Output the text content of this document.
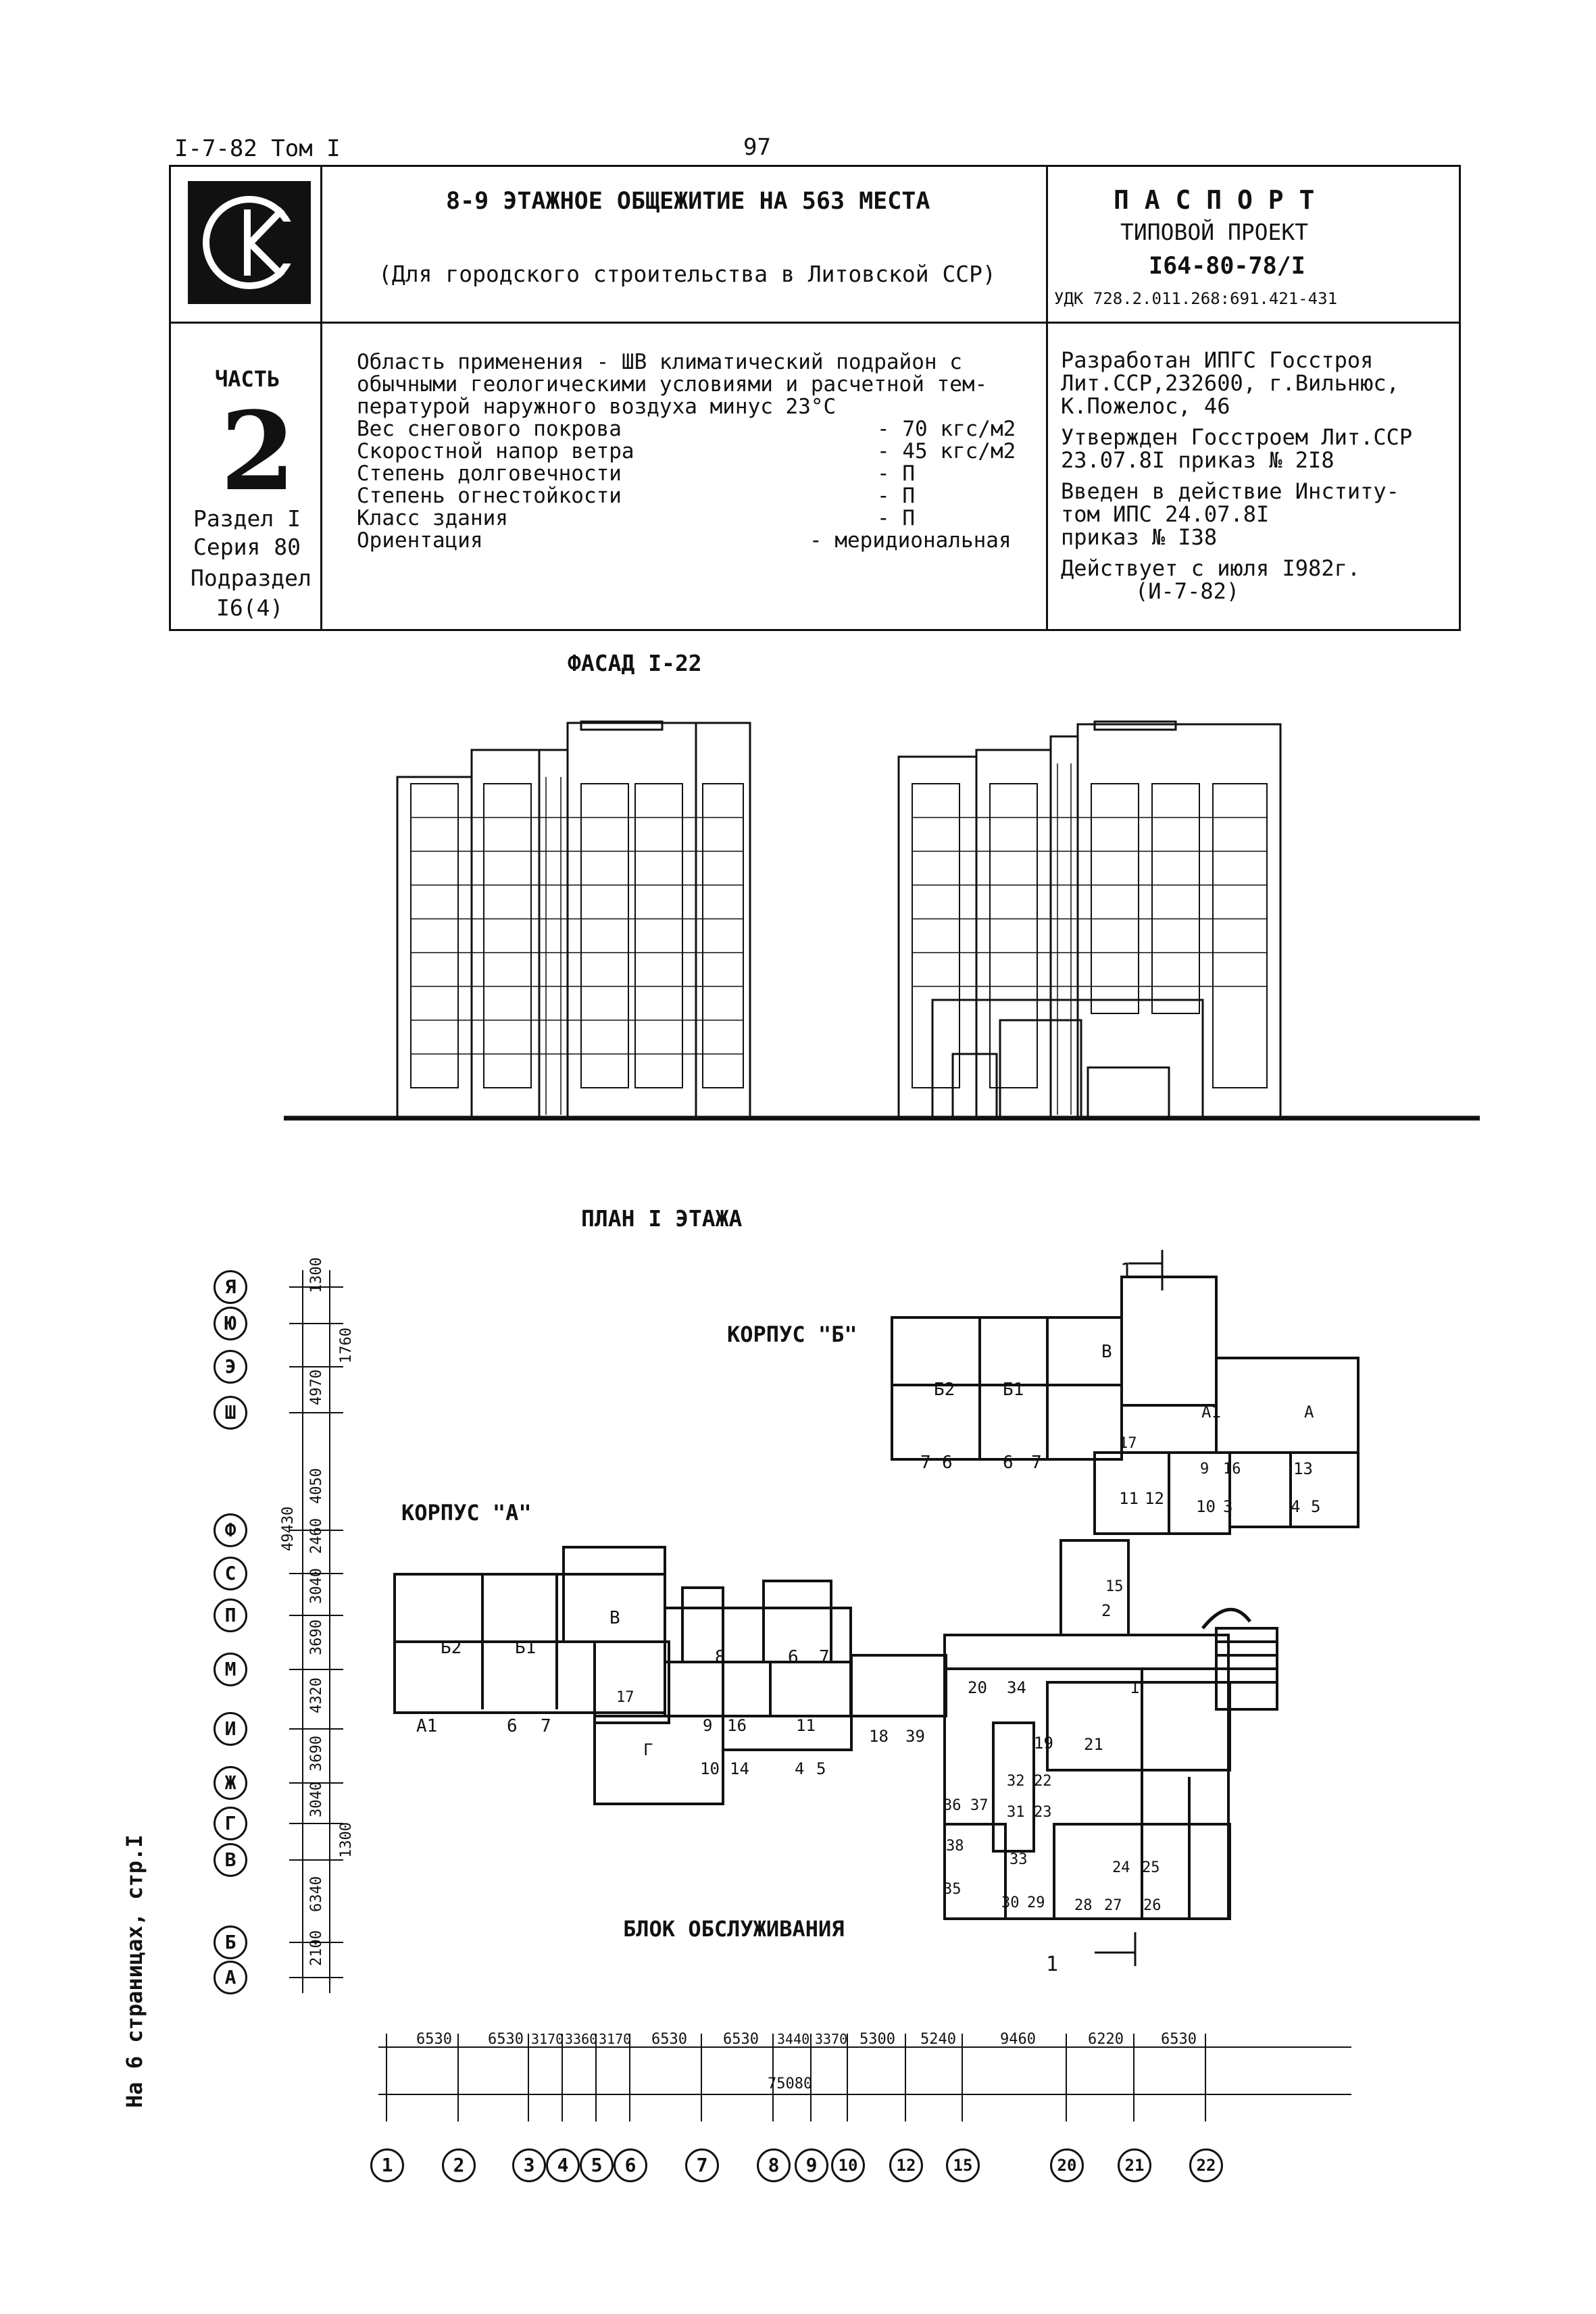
I-7-82 Том I	97
8-9 ЭТАЖНОЕ ОБЩЕЖИТИЕ НА 563 МЕСТА
(Для городского строительства в Литовской ССР)
П А С П О Р Т
ТИПОВОЙ ПРОЕКТ
I64-80-78/I
УДК 728.2.011.268:691.421-431
ЧАСТЬ
2
Раздел I
Серия 80
Подраздел
I6(4)
Область применения - ШВ климатический подрайон с
обычными геологическими условиями и расчетной тем-
пературой наружного воздуха минус 23°С
Вес снегового покрова	- 70 кгс/м2
Скоростной напор ветра	- 45 кгс/м2
Степень долговечности	- П
Степень огнестойкости	- П
Класс здания	- П
Ориентация	- меридиональная
Разработан ИПГС Госстроя
Лит.ССР,232600, г.Вильнюс,
К.Пожелос, 46
Утвержден Госстроем Лит.ССР
23.07.8I приказ № 2I8
Введен в действие Институ-
том ИПС 24.07.8I
приказ № I38
Действует с июля I982г.
(И-7-82)
ФАСАД I-22
ПЛАН I ЭТАЖА
КОРПУС "А"
КОРПУС "Б"
БЛОК ОБСЛУЖИВАНИЯ
1
1
Я
Ю
Э
Ш
Ф
С
П
М
И
Ж
Г
В
Б
А
1300
1760
4970
4050
2460
3040
3690
4320
3690
3040
1300
6340
2100
49430
Б2	Б1
В
А1	6 7
8	6 7
9 16	11
10 14	4 5
17
Г
18 39
Б2	Б1
В
А1	А
7 6	6 7	9 16	13
10 3	4 5
11 12
17
15
2
1
20 34
19 21
36 37
32 22
31 23
38
33
35
30 29 28 27 26
24 25
6530 6530 3170 3360 3170 6530 6530 3440 3370 5300 5240	9460	6220	6530
75080
1	2	3	4	5	6	7	8	9	10	12	15	20	21	22
На 6 страницах, стр.I
